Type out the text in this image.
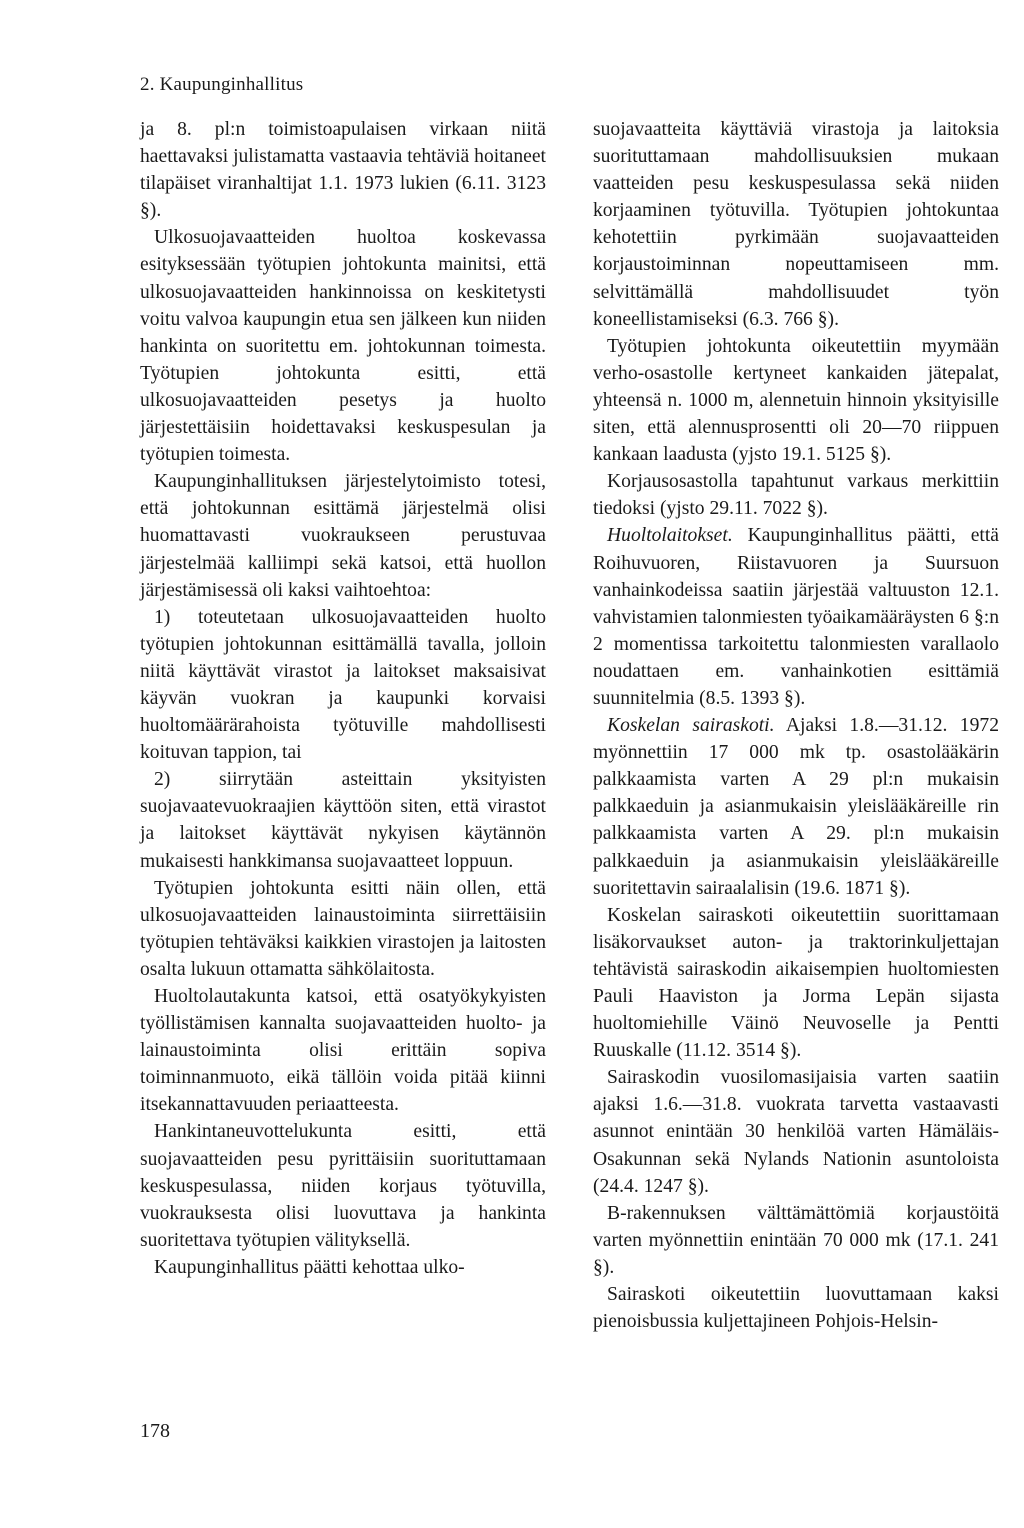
2. Kaupunginhallitus

ja 8. pl:n toimistoapulaisen virkaan niitä haettavaksi julistamatta vastaavia tehtäviä hoitaneet tilapäiset viranhaltijat 1.1. 1973 lukien (6.11. 3123 §).

Ulkosuojavaatteiden huoltoa koskevassa esityksessään työtupien johtokunta mainitsi, että ulkosuojavaatteiden hankinnoissa on keskitetysti voitu valvoa kaupungin etua sen jälkeen kun niiden hankinta on suoritettu em. johtokunnan toimesta. Työtupien johtokunta esitti, että ulkosuojavaatteiden pesetys ja huolto järjestettäisiin hoidettavaksi keskuspesulan ja työtupien toimesta.

Kaupunginhallituksen järjestelytoimisto totesi, että johtokunnan esittämä järjestelmä olisi huomattavasti vuokraukseen perustuvaa järjestelmää kalliimpi sekä katsoi, että huollon järjestämisessä oli kaksi vaihtoehtoa:

1) toteutetaan ulkosuojavaatteiden huolto työtupien johtokunnan esittämällä tavalla, jolloin niitä käyttävät virastot ja laitokset maksaisivat käyvän vuokran ja kaupunki korvaisi huoltomäärärahoista työtuville mahdollisesti koituvan tappion, tai

2) siirrytään asteittain yksityisten suojavaatevuokraajien käyttöön siten, että virastot ja laitokset käyttävät nykyisen käytännön mukaisesti hankkimansa suojavaatteet loppuun.

Työtupien johtokunta esitti näin ollen, että ulkosuojavaatteiden lainaustoiminta siirrettäisiin työtupien tehtäväksi kaikkien virastojen ja laitosten osalta lukuun ottamatta sähkölaitosta.

Huoltolautakunta katsoi, että osatyökykyisten työllistämisen kannalta suojavaatteiden huolto- ja lainaustoiminta olisi erittäin sopiva toiminnanmuoto, eikä tällöin voida pitää kiinni itsekannattavuuden periaatteesta.

Hankintaneuvottelukunta esitti, että suojavaatteiden pesu pyrittäisiin suorituttamaan keskuspesulassa, niiden korjaus työtuvilla, vuokrauksesta olisi luovuttava ja hankinta suoritettava työtupien välityksellä.

Kaupunginhallitus päätti kehottaa ulko-

suojavaatteita käyttäviä virastoja ja laitoksia suorituttamaan mahdollisuuksien mukaan vaatteiden pesu keskuspesulassa sekä niiden korjaaminen työtuvilla. Työtupien johtokuntaa kehotettiin pyrkimään suojavaatteiden korjaustoiminnan nopeuttamiseen mm. selvittämällä mahdollisuudet työn koneellistamiseksi (6.3. 766 §).

Työtupien johtokunta oikeutettiin myymään verho-osastolle kertyneet kankaiden jätepalat, yhteensä n. 1000 m, alennetuin hinnoin yksityisille siten, että alennusprosentti oli 20—70 riippuen kankaan laadusta (yjsto 19.1. 5125 §).

Korjausosastolla tapahtunut varkaus merkittiin tiedoksi (yjsto 29.11. 7022 §).

Huoltolaitokset. Kaupunginhallitus päätti, että Roihuvuoren, Riistavuoren ja Suursuon vanhainkodeissa saatiin järjestää valtuuston 12.1. vahvistamien talonmiesten työaikamääräysten 6 §:n 2 momentissa tarkoitettu talonmiesten varallaolo noudattaen em. vanhainkotien esittämiä suunnitelmia (8.5. 1393 §).

Koskelan sairaskoti. Ajaksi 1.8.—31.12. 1972 myönnettiin 17 000 mk tp. osastolääkärin palkkaamista varten A 29 pl:n mukaisin palkkaeduin ja asianmukaisin yleislääkäreille rin palkkaamista varten A 29. pl:n mukaisin palkkaeduin ja asianmukaisin yleislääkäreille suoritettavin sairaalalisin (19.6. 1871 §).

Koskelan sairaskoti oikeutettiin suorittamaan lisäkorvaukset auton- ja traktorinkuljettajan tehtävistä sairaskodin aikaisempien huoltomiesten Pauli Haaviston ja Jorma Lepän sijasta huoltomiehille Väinö Neuvoselle ja Pentti Ruuskalle (11.12. 3514 §).

Sairaskodin vuosilomasijaisia varten saatiin ajaksi 1.6.—31.8. vuokrata tarvetta vastaavasti asunnot enintään 30 henkilöä varten Hämäläis-Osakunnan sekä Nylands Nationin asuntoloista (24.4. 1247 §).

B-rakennuksen välttämättömiä korjaustöitä varten myönnettiin enintään 70 000 mk (17.1. 241 §).

Sairaskoti oikeutettiin luovuttamaan kaksi pienoisbussia kuljettajineen Pohjois-Helsin-

178
